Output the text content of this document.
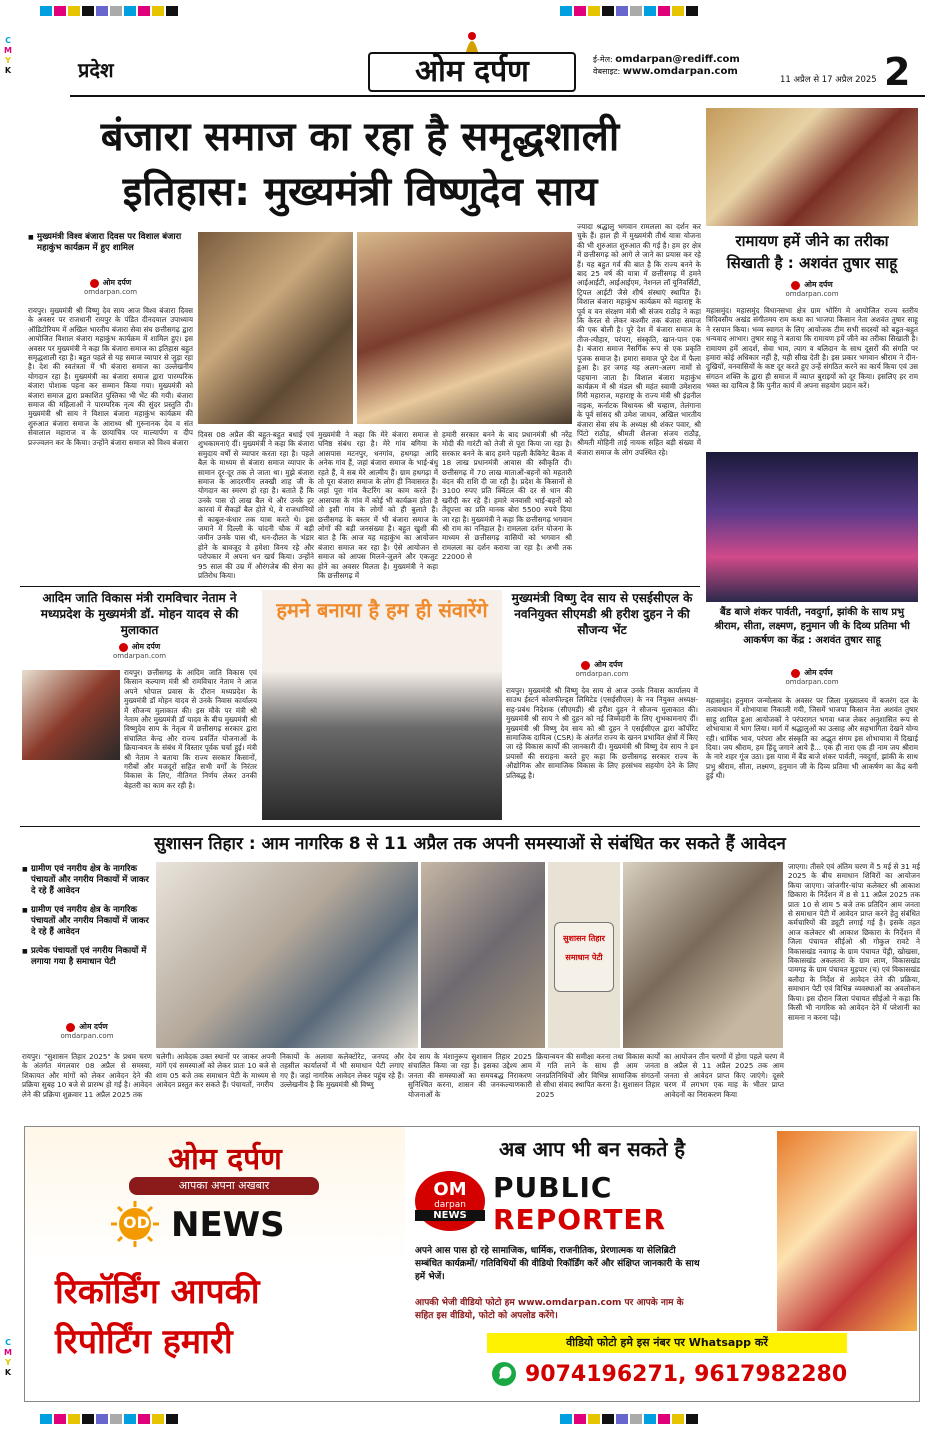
C
M
Y
K
C
M
Y
K
प्रदेश	ओम दर्पण	ई-मेल: omdarpan@rediff.com
वेबसाइट: www.omdarpan.com
11 अप्रैल से 17 अप्रैल 2025 2
बंजारा समाज का रहा है समृद्धशाली
इतिहास: मुख्यमंत्री विष्णुदेव साय
■ मुख्यमंत्री विश्व बंजारा दिवस पर विशाल बंजारा महाकुंभ कार्यक्रम में हुए शामिल
ओम दर्पण
omdarpan.com
रायपुर। मुख्यमंत्री श्री विष्णु देव साय आज विश्व बंजारा दिवस के अवसर पर राजधानी रायपुर के पंडित दीनदयाल उपाध्याय ऑडिटोरियम में अखिल भारतीय बंजारा सेवा संघ छत्तीसगढ़ द्वारा आयोजित विशाल बंजारा महाकुंभ कार्यक्रम में शामिल हुए। इस अवसर पर मुख्यमंत्री ने कहा कि बंजारा समाज का इतिहास बहुत समृद्धशाली रहा है। बहुत पहले से यह समाज व्यापार से जुड़ा रहा है। देश की स्वतंत्रता में भी बंजारा समाज का उल्लेखनीय योगदान रहा है। मुख्यमंत्री का बंजारा समाज द्वारा पारम्परिक बंजारा पोशाक पहना कर सम्मान किया गया। मुख्यमंत्री को बंजारा समाज द्वारा प्रकाशित पुस्तिका भी भेंट की गयी। बंजारा समाज की महिलाओं ने पारम्परिक नृत्य की सुंदर प्रस्तुति दी। मुख्यमंत्री श्री साय ने विशाल बंजारा महाकुंभ कार्यक्रम की शुरुआत बंजारा समाज के आराध्य श्री गुरुनानक देव व संत सेवालाल महाराज व के छायाचित्र पर माल्यार्पण व दीप प्रज्ज्वलन कर के किया। उन्होंने बंजारा समाज को विश्व बंजारा
दिवस 08 अप्रैल की बहुत-बहुत बधाई एवं शुभकामनाएं दीं। मुख्यमंत्री ने कहा कि बंजारा समुदाय वर्षों से व्यापार करता रहा है। पहले बैल के माध्यम से बंजारा समाज व्यापार के सामान दूर-दूर तक ले जाता था। मुझे बंजारा समाज के आदरणीय लक्खी शाह जी के योगदान का स्मरण हो रहा है। बताते हैं कि उनके पास दो लाख बैल थे और उनके हर कारवां में सैकड़ों बैल होते थे, वे राजधानियों से काबुल-कंधार तक यात्रा करते थे। इस जमाने में दिल्ली के चांदनी चौक में बड़ी जमीन उनके पास थी, धन-दौलत के भंडार होने के बावजूद वे हमेशा विनय रहे और परोपकार में अपना धन खर्च किया। उन्होंने 95 साल की उम्र में औरंगजेब की सेना का प्रतिरोध किया।
मुख्यमंत्री ने कहा कि मेरे बंजारा समाज से घनिष्ठ संबंध रहा है। मेरे गांव बगिया के आसपास मटनपुर, धनगांव, हथगढ़ा आदि अनेक गांव हैं, जहां बंजारा समाज के भाई-बंधु रहते हैं, वे सब मेरे आत्मीय हैं। ग्राम हथगढ़ा में तो पूरा बंजारा समाज के लोग ही निवासरत हैं। जहां पूरा गांव कैटरिंग का काम करते हैं। आसपास के गांव में कोई भी कार्यक्रम होता है तो इसी गांव के लोगों को ही बुलाते हैं। छत्तीसगढ़ के बस्तर में भी बंजारा समाज के लोगों की बड़ी जनसंख्या है। बहुत खुशी की बात है कि आज यह महाकुंभ का आयोजन बंजारा समाज कर रहा है। ऐसे आयोजन से समाज को आपस मिलने-जुलने और एकजुट होने का अवसर मिलता है। मुख्यमंत्री ने कहा कि छत्तीसगढ़ में
हमारी सरकार बनने के बाद प्रधानमंत्री श्री नरेंद्र मोदी की गारंटी को तेजी से पूरा किया जा रहा है। सरकार बनने के बाद हमने पहली कैबिनेट बैठक में 18 लाख प्रधानमंत्री आवास की स्वीकृति दी। छत्तीसगढ़ में 70 लाख माताओं-बहनों को महतारी वंदन की राशि दी जा रही है। प्रदेश के किसानों से 3100 रुपए प्रति क्विंटल की दर से धान की खरीदी कर रहे हैं। हमारे वनवासी भाई-बहनों को तेंदूपत्ता का प्रति मानक बोरा 5500 रुपये दिया जा रहा है। मुख्यमंत्री ने कहा कि छत्तीसगढ़ भगवान श्री राम का ननिहाल है। रामलला दर्शन योजना के माध्यम से छत्तीसगढ़ वासियों को भगवान श्री रामलला का दर्शन कराया जा रहा है। अभी तक 22000 से
ज्यादा श्रद्धालु भगवान रामलला का दर्शन कर चुके हैं। हाल ही में मुख्यमंत्री तीर्थ यात्रा योजना की भी शुरुआत शुरुआत की गई है। हम हर क्षेत्र में छत्तीसगढ़ को आगे ले जाने का प्रयास कर रहे हैं। यह बहुत गर्व की बात है कि राज्य बनने के बाद 25 वर्ष की यात्रा में छत्तीसगढ़ में हमने आईआईटी, आईआईएम, नेशनल लॉ यूनिवर्सिटी, ट्रिपल आईटी जैसे शीर्ष संस्थाएं स्थापित हैं। विशाल बंजारा महाकुंभ कार्यक्रम को महाराष्ट्र के पूर्व व वन संरक्षण मंत्री श्री संजय राठौड़ ने कहा कि केरल से लेकर कश्मीर तक बंजारा समाज की एक बोली है। पूरे देश में बंजारा समाज के तीज-त्यौहार, परंपरा, संस्कृति, खान-पान एक है। बंजारा समाज नैसर्गिक रूप से एक प्रकृति पूजक समाज है। हमारा समाज पूरे देश में फैला हुआ है। हर जगह यह अलग-अलग नामों से पहचाना जाता है। विशाल बंजारा महाकुंभ कार्यक्रम में श्री मंडल श्री महंत स्वामी उमेशराव गिरी महाराज, महाराष्ट्र के राज्य मंत्री श्री इंद्रनील नाइक, कर्नाटक विधायक श्री चव्हाण, तेलंगाना के पूर्व सांसद श्री उमेश जाधव, अखिल भारतीय बंजारा सेवा संघ के अध्यक्ष श्री शंकर पवार, श्री पिंटो राठौड़, श्रीमती शैलजा संजय राठौड़, श्रीमती मोहिनी ताई नायक सहित बड़ी संख्या में बंजारा समाज के लोग उपस्थित रहे।
रामायण हमें जीने का तरीका
सिखाती है : अशवंत तुषार साहू
ओम दर्पण
omdarpan.com
महासमुंद। महासमुंद विधानसभा क्षेत्र ग्राम भोरिंग मे आयोजित राज्य स्तरीय त्रिदिवसीय अखंड संगीतमय राम कथा का भाजपा किसान नेता अशवंत तुषार साहू ने रसपान किया। भव्य स्वागत के लिए आयोजक टीम सभी सदस्यों को बहुत-बहुत धन्यवाद आभार। तुषार साहू ने बताया कि रामायण हमें जीने का तरीका सिखाती है। रामायण हमें आदर्श, सेवा भाव, त्याग व बलिदान के साथ दूसरों की संगति पर हमारा कोई अधिकार नहीं है, यही सीख देती है। इस प्रकार भगवान श्रीराम ने दीन-दुखियों, वनवासियों के कष्ट दूर करते हुए उन्हें संगठित करने का कार्य किया एवं उस संगठन शक्ति के द्वारा ही समाज में व्याप्त बुराइयों को दूर किया। इसलिए हर राम भक्त का दायित्व है कि पुनीत कार्य में अपना सहयोग प्रदान करें।
बैंड बाजे शंकर पार्वती, नवदुर्गा, झांकी के साथ प्रभु श्रीराम, सीता, लक्ष्मण, हनुमान जी के दिव्य प्रतिमा भी आकर्षण का केंद्र : अशवंत तुषार साहू
ओम दर्पण
omdarpan.com
महासमुंद। हनुमान जन्मोत्सव के अवसर पर जिला मुख्यालय में बजरंग दल के तत्वावधान में शोभायात्रा निकाली गयी, जिसमें भाजपा किसान नेता अशवंत तुषार साहू शामिल हुआ आयोजकों ने परंपरागत भगवा ध्वज लेकर अनुशासित रूप से शोभायात्रा में भाग लिया। मार्ग में श्रद्धालुओं का उत्साह और सहभागिता देखने योग्य रही। धार्मिक भाव, परंपरा और संस्कृति का अद्भुत संगम इस शोभायात्रा में दिखाई दिया। जय श्रीराम, हम हिंदू जगाने आये हैं... एक ही नारा एक ही नाम जय श्रीराम के नारे शहर गूंज उठा। इस यात्रा में बैंड बाजे शंकर पार्वती, नवदुर्गा, झांकी के साथ प्रभु श्रीराम, सीता, लक्ष्मण, हनुमान जी के दिव्य प्रतिमा भी आकर्षण का केंद्र बनी हुई थी।
आदिम जाति विकास मंत्री रामविचार नेताम ने मध्यप्रदेश के मुख्यमंत्री डॉ. मोहन यादव से की मुलाकात
ओम दर्पण
omdarpan.com
रायपुर। छत्तीसगढ़ के आदिम जाति विकास एवं किसान कल्याण मंत्री श्री रामविचार नेताम ने आज अपने भोपाल प्रवास के दौरान मध्यप्रदेश के मुख्यमंत्री डॉ मोहन यादव से उनके निवास कार्यालय में सौजन्य मुलाकात की। इस मौके पर मंत्री श्री नेताम और मुख्यमंत्री डॉ यादव के बीच मुख्यमंत्री श्री विष्णुदेव साय के नेतृत्व में छत्तीसगढ़ सरकार द्वारा संचालित केन्द्र और राज्य प्रवर्तित योजनाओं के क्रियान्वयन के संबंध में विस्तार पूर्वक चर्चा हुई। मंत्री श्री नेताम ने बताया कि राज्य सरकार किसानों, गरीबों और मजदूरों सहित सभी वर्गों के निरंतर विकास के लिए, नीतिगत निर्णय लेकर उनकी बेहतरी का काम कर रही है।
हमने बनाया है हम ही संवारेंगे	मुख्यमंत्री विष्णु देव साय से एसईसीएल के नवनियुक्त सीएमडी श्री हरीश दुहन ने की सौजन्य भेंट
ओम दर्पण
omdarpan.com
रायपुर। मुख्यमंत्री श्री विष्णु देव साय से आज उनके निवास कार्यालय में साउथ ईस्टर्न कोलफील्ड्स लिमिटेड (एसईसीएल) के नव नियुक्त अध्यक्ष-सह-प्रबंध निदेशक (सीएमडी) श्री हरीश दुहन ने सौजन्य मुलाकात की। मुख्यमंत्री श्री साय ने श्री दुहन को नई जिम्मेदारी के लिए शुभकामनाएं दीं। मुख्यमंत्री श्री विष्णु देव साय को श्री दुहन ने एसईसीएल द्वारा कॉर्पोरेट सामाजिक दायित्व (CSR) के अंतर्गत राज्य के खनन प्रभावित क्षेत्रों में किए जा रहे विकास कार्यों की जानकारी दी। मुख्यमंत्री श्री विष्णु देव साय ने इन प्रयासों की सराहना करते हुए कहा कि छत्तीसगढ़ सरकार राज्य के औद्योगिक और सामाजिक विकास के लिए हरसंभव सहयोग देने के लिए प्रतिबद्ध है।
सुशासन तिहार : आम नागरिक 8 से 11 अप्रैल तक अपनी समस्याओं से संबंधित कर सकते हैं आवेदन
■ ग्रामीण एवं नगरीय क्षेत्र के नागरिक पंचायतों और नगरीय निकायों में जाकर दे रहे हैं आवेदन
■ ग्रामीण एवं नगरीय क्षेत्र के नागरिक पंचायतों और नगरीय निकायों में जाकर दे रहे हैं आवेदन
■ प्रत्येक पंचायतों एवं नगरीय निकायों में लगाया गया है समाधान पेटी
ओम दर्पण
omdarpan.com
सुशासन तिहार
समाधान पेटी
जाएगा। तीसरे एवं अंतिम चरण में 5 मई से 31 मई 2025 के बीच समाधान शिविरों का आयोजन किया जाएगा। जांजगीर-चांपा कलेक्टर श्री आकाश छिकारा के निर्देशन में 8 से 11 अप्रैल 2025 तक प्रातः 10 से शाम 5 बजे तक प्रतिदिन आम जनता से समाधान पेटी में आवेदन प्राप्त करने हेतु संबंधित कर्मचारियों की ड्यूटी लगाई गई है। इसके तहत आज कलेक्टर श्री आकाश छिकारा के निर्देशन में जिला पंचायत सीईओ श्री गोकुल रावटे ने विकासखंड नवागढ़ के ग्राम पंचायत पेंड्री, खोखसा, विकासखंड अकलतरा के ग्राम लाण, विकासखंड पामगढ़ के ग्राम पंचायत मुड़पार (च) एवं विकासखंड बलौदा के निर्देश से आवेदन लेने की प्रक्रिया, समाधान पेटी एवं विभिन्न व्यवस्थाओं का अवलोकन किया। इस दौरान जिला पंचायत सीईओ ने कहा कि किसी भी नागरिक को आवेदन देने में परेशानी का सामना न करना पड़े।
रायपुर। "सुशासन तिहार 2025" के प्रथम चरण के अंतर्गत मंगलवार 08 अप्रैल से समस्या, शिकायत और मांगों को लेकर आवेदन देने की प्रक्रिया सुबह 10 बजे से प्रारम्भ हो गई है। आवेदन लेने की प्रक्रिया शुक्रवार 11 अप्रैल 2025 तक
चलेगी। आवेदक उक्त स्थानों पर जाकर अपनी मांगें एवं समस्याओं को लेकर प्रातः 10 बजे से शाम 05 बजे तक समाधान पेटी के माध्यम से आवेदन प्रस्तुत कर सकते हैं। पंचायतों, नगरीय
निकायों के अलावा कलेक्टोरेट, जनपद और तहसील कार्यालयों में भी समाधान पेटी लगाए गए हैं। जहां नागरिक आवेदन लेकर पहुंच रहे हैं। उल्लेखनीय है कि मुख्यमंत्री श्री विष्णु
देव साय के मंशानुरूप सुशासन तिहार 2025 संचालित किया जा रहा है। इसका उद्देश्य आम जनता की समस्याओं का समयबद्ध निराकरण सुनिश्चित करना, शासन की जनकल्याणकारी योजनाओं के
क्रियान्वयन की समीक्षा करना तथा विकास कार्यों में गति लाने के साथ ही आम जनता जनप्रतिनिधियों और विभिन्न सामाजिक संगठनों से सीधा संवाद स्थापित करना है। सुशासन तिहार 2025
का आयोजन तीन चरणों में होगा पहले चरण में 8 अप्रैल से 11 अप्रैल 2025 तक आम जनता से आवेदन प्राप्त किए जाएंगे। दूसरे चरण में लगभग एक माह के भीतर प्राप्त आवेदनों का निराकरण किया
ओम दर्पण
आपका अपना अखबार
OD NEWS
रिकॉर्डिंग आपकी
रिपोर्टिंग हमारी
अब आप भी बन सकते है
OM
darpan
NEWS
PUBLIC
REPORTER
अपने आस पास हो रहे सामाजिक, धार्मिक, राजनीतिक, प्रेरणात्मक या सेलिब्रिटी सम्बंधित कार्यक्रमों/ गतिविधियों की वीडियो रिकॉर्डिंग करें और संक्षिप्त जानकारी के साथ हमें भेजें।
आपकी भेजी वीडियो फोटो हम www.omdarpan.com पर आपके नाम के सहित इस वीडियो, फोटो को अपलोड करेंगे।
वीडियो फोटो हमे इस नंबर पर Whatsapp करें
9074196271, 9617982280
